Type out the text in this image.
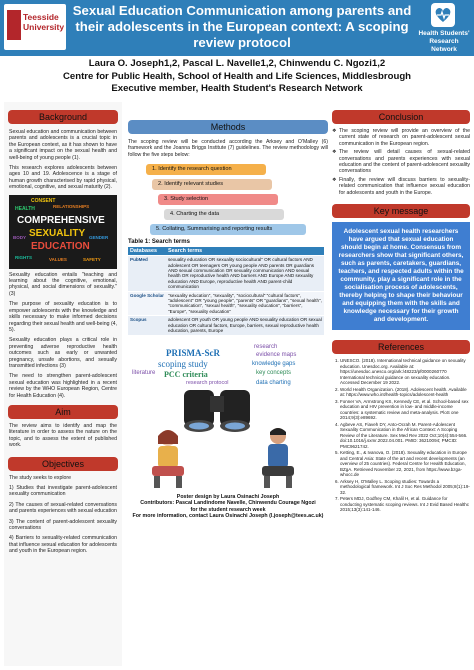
Teesside University
Sexual Education Communication among parents and their adolescents in the European context: A scoping review protocol
Health Students' Research Network
Laura O. Joseph1,2, Pascal L. Navelle1,2, Chinwendu C. Ngozi1,2
Centre for Public Health, School of Health and Life Sciences, Middlesbrough
Executive member, Health Student's Research Network
Background

Sexual education and communication between parents and adolescents is a crucial topic in the European context, as it has shown to have a significant impact on the sexual health and well-being of young people (1).

This research explores adolescents between ages 10 and 19. Adolescence is a stage of human growth characterised by rapid physical, emotional, cognitive, and sexual maturity (2).

CONSENT
RELATIONSHIPS
HEALTH
COMPREHENSIVE
SEXUALITY
EDUCATION
BODY	GENDER
RIGHTS	VALUES	SAFETY

Sexuality education entails "teaching and learning about the cognitive, emotional, physical, and social dimensions of sexuality." (3)

The purpose of sexuality education is to empower adolescents with the knowledge and skills necessary to make informed decisions regarding their sexual health and well-being (4, 5).

Sexuality education plays a critical role in preventing adverse reproductive health outcomes such as early or unwanted pregnancy, unsafe abortions, and sexually transmitted infections (3)

The need to strengthen parent-adolescent sexual education was highlighted in a recent review by the WHO European Region, Centre for Health Education (4).

Aim
The review aims to identify and map the literature in order to assess the nature on the topic, and to assess the extent of published work.
Objectives

The study seeks to explore

1) Studies that investigate parent-adolescent sexuality communication

2) The causes of sexual-related conversations and parents experiences with sexual education

3) The content of parent-adolescent sexuality conversations

4) Barriers to sexuality-related communication that influence sexual education for adolescents and youth in the European region.

Methods
The scoping review will be conducted according the Arksey and O'Malley (6) framework and the Joanna Briggs Institute (7) guidelines. The review methodology will follow the five steps below:
1. Identify the research question
2. Identify relevant studies
3. Study selection
4. Charting the data
5. Collating, Summarising and reporting results
Table 1: Search terms
Databases	Search terms
PubMed	sexuality education OR sexuality sociocultural" OR cultural factors AND adolescent OR teenagers OR young people AND parents OR guardians AND sexual communication OR sexuality communication AND sexual health OR reproductive health AND barriers AND Europe AND sexuality education AND Europe, reproductive health AND parent-child communication
Google Scholar	"sexuality education", "sexuality", "sociocultural" "cultural factors", "adolescent" OR "young people", "parents" OR "guardians", "sexual health", "communication", "sexual health", "sexuality education", "barriers", "Europe", "sexuality education"
Scopus	adolescent OR youth OR young people AND sexuality education OR sexual education OR cultural factors, Europe, barriers, sexual reproductive health education, parents, Europe
PRISMA-ScR
scoping study
PCC criteria
research
evidence maps
knowledge gaps
research protocol
key concepts
data charting
literature
Poster design by Laura Osinachi Joseph
Contributors: Pascal Landindome Navelle, Chinwendu Courage Ngozi
for the student research week
For more information, contact Laura Osinachi Joseph (l.joseph@tees.ac.uk)
Conclusion
❖ The scoping review will provide an overview of the current state of research on parent-adolescent sexual communication in the European region.
❖ The review will detail causes of sexual-related conversations and parents experiences with sexual education and the content of parent-adolescent sexuality conversations
❖ Finally, the review will discuss barriers to sexuality-related communication that influence sexual education for adolescents and youth in the Europe.
Key message
Adolescent sexual health researchers have argued that sexual education should begin at home. Consensus from researchers show that significant others, such as parents, caretakers, guardians, teachers, and respected adults within the community, play a significant role in the socialisation process of adolescents, thereby helping to shape their behaviour and equipping them with the skills and knowledge necessary for their growth and development.
References
1. UNESCO. (2018). International technical guidance on sexuality education. Unesdoc.org. Available at: https://unesdoc.unesco.org/ark:/48223/pf0000260770 International technical guidance on sexuality education. Accessed December 19 2022.
2. World Health Organization. (2018). Adolescent health. Available at: https://www.who.int/health-topics/adolescent-health
3. Fonner VA, Armstrong KS, Kennedy CE, et al. School-based sex education and HIV prevention in low- and middle-income countries: a systematic review and meta-analysis. PloS one 2014;9(3):e89692.
4. Agbeve AS, Fiaveh DY, Anto-Ocrah M. Parent-Adolescent Sexuality Communication in the African Context: A Scoping Review of the Literature. Sex Med Rev 2022 Oct;10(4):554-566. doi:10.1016/j.sxmr.2022.04.001. PMID: 36210094; PMCID: PMC9621742.
5. Ketting, E., & Ivanova, O. (2018). Sexuality education in Europe and Central Asia: State of the art and recent developments (an overview of 25 countries). Federal Centre for Health Education, BZgA. Retrieved November 22, 2021, from https://www.bzga-whocc.de
6. Arksey H, O'Malley L. Scoping studies: Towards a methodological framework. Int J Soc Res Methodol 2005;8(1):19-32.
7. Peters MDJ, Godfrey CM, Khalil H, et al. Guidance for conducting systematic scoping reviews. Int J Evid Based Healthc 2015;13(3):141-146.
